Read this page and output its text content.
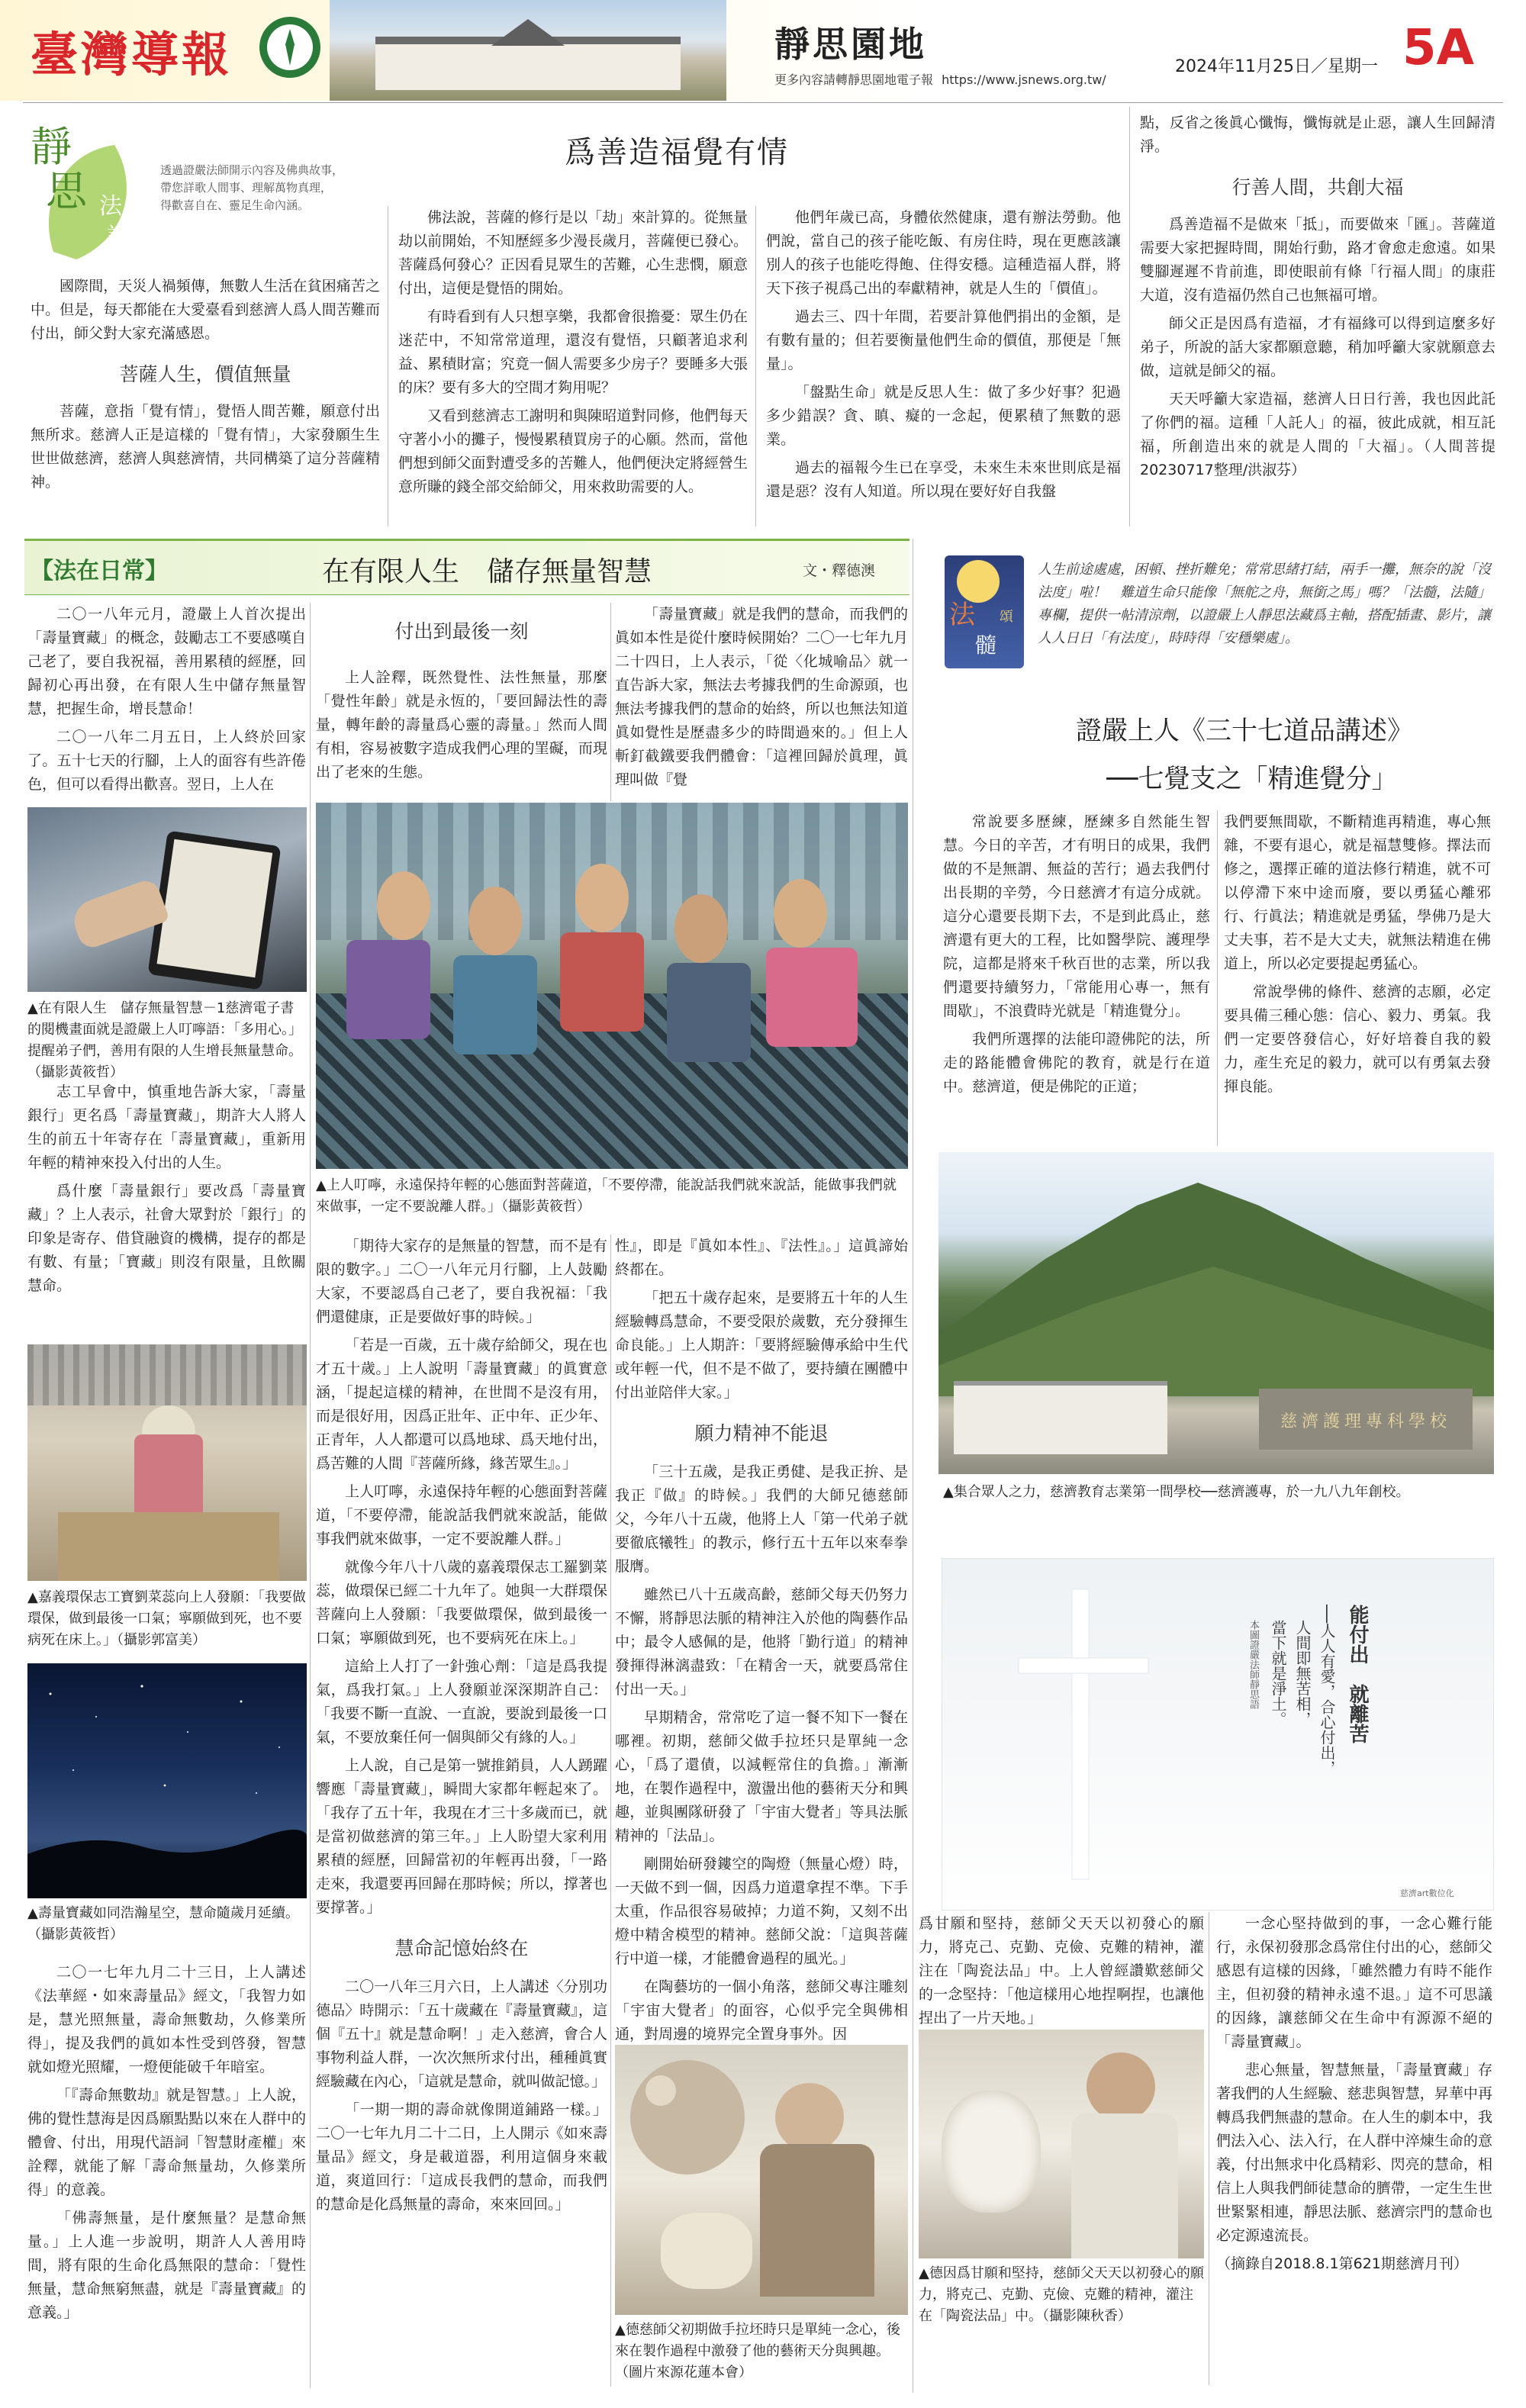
臺灣導報	靜思園地
更多內容請轉靜思園地電子報 https://www.jsnews.org.tw/
2024年11月25日／星期一 5A
靜
思 法
語
透過證嚴法師開示內容及佛典故事，
帶您詳歌人間事、理解萬物真理，
得歡喜自在、靈足生命內涵。
爲善造福覺有情

國際間，天災人禍頻傳，無數人生活在貧困痛苦之中。但是，每天都能在大愛臺看到慈濟人爲人間苦難而付出，師父對大家充滿感恩。

菩薩人生，價值無量

菩薩，意指「覺有情」，覺悟人間苦難，願意付出無所求。慈濟人正是這樣的「覺有情」，大家發願生生世世做慈濟，慈濟人與慈濟情，共同構築了這分菩薩精神。

佛法說，菩薩的修行是以「劫」來計算的。從無量劫以前開始，不知歷經多少漫長歲月，菩薩便已發心。菩薩爲何發心？正因看見眾生的苦難，心生悲憫，願意付出，這便是覺悟的開始。

有時看到有人只想享樂，我都會很擔憂：眾生仍在迷茫中，不知常常道理，還沒有覺悟，只顧著追求利益、累積財富；究竟一個人需要多少房子？要睡多大張的床？要有多大的空間才夠用呢？

又看到慈濟志工謝明和與陳昭道對同修，他們每天守著小小的攤子，慢慢累積買房子的心願。然而，當他們想到師父面對遭受多的苦難人，他們便決定將經營生意所賺的錢全部交給師父，用來救助需要的人。

他們年歲已高，身體依然健康，還有辦法勞動。他們說，當自己的孩子能吃飯、有房住時，現在更應該讓別人的孩子也能吃得飽、住得安穩。這種造福人群，將天下孩子視爲己出的奉獻精神，就是人生的「價值」。

過去三、四十年間，若要計算他們捐出的金額，是有數有量的；但若要衡量他們生命的價值，那便是「無量」。

「盤點生命」就是反思人生：做了多少好事？犯過多少錯誤？貪、瞋、癡的一念起，便累積了無數的惡業。

過去的福報今生已在享受，未來生未來世則底是福還是惡？沒有人知道。所以現在要好好自我盤

點，反省之後眞心懺悔，懺悔就是止惡，讓人生回歸清淨。

行善人間，共創大福

爲善造福不是做來「抵」，而要做來「匯」。菩薩道需要大家把握時間，開始行動，路才會愈走愈遠。如果雙腳遲遲不肯前進，即使眼前有條「行福人間」的康莊大道，沒有造福仍然自己也無福可增。

師父正是因爲有造福，才有福緣可以得到這麼多好弟子，所說的話大家都願意聽，稍加呼籲大家就願意去做，這就是師父的福。

天天呼籲大家造福，慈濟人日日行善，我也因此託了你們的福。這種「人託人」的福，彼此成就，相互託福，所創造出來的就是人間的「大福」。（人間菩提20230717整理/洪淑芬）

【法在日常】	在有限人生　儲存無量智慧	文・釋德澳

二〇一八年元月，證嚴上人首次提出「壽量寶藏」的概念，鼓勵志工不要感嘆自己老了，要自我祝福，善用累積的經歷，回歸初心再出發，在有限人生中儲存無量智慧，把握生命，增長慧命！

二〇一八年二月五日，上人終於回家了。五十七天的行腳，上人的面容有些許倦色，但可以看得出歡喜。翌日，上人在

▲在有限人生　儲存無量智慧－1慈濟電子書的閱機畫面就是證嚴上人叮嚀語：「多用心。」提醒弟子們，善用有限的人生增長無量慧命。（攝影黃筱哲）

志工早會中，慎重地告訴大家，「壽量銀行」更名爲「壽量寶藏」，期許大人將人生的前五十年寄存在「壽量寶藏」，重新用年輕的精神來投入付出的人生。

爲什麼「壽量銀行」要改爲「壽量寶藏」？上人表示，社會大眾對於「銀行」的印象是寄存、借貸融資的機構，提存的都是有數、有量；「寶藏」則沒有限量，且飲關慧命。

▲嘉義環保志工寶劉菜蕊向上人發願：「我要做環保，做到最後一口氣；寧願做到死，也不要病死在床上。」（攝影郭富美）
▲壽量寶藏如同浩瀚星空，慧命隨歲月延續。（攝影黃筱哲）

二〇一七年九月二十三日，上人講述《法華經・如來壽量品》經文，「我智力如是，慧光照無量，壽命無數劫，久修業所得」，提及我們的眞如本性受到啓發，智慧就如燈光照耀，一燈便能破千年暗室。

「『壽命無數劫』就是智慧。」上人說，佛的覺性慧海是因爲願點點以來在人群中的體會、付出，用現代語詞「智慧財產權」來詮釋，就能了解「壽命無量劫，久修業所得」的意義。

「佛壽無量，是什麼無量？是慧命無量。」上人進一步說明，期許人人善用時間，將有限的生命化爲無限的慧命：「覺性無量，慧命無窮無盡，就是『壽量寶藏』的意義。」

付出到最後一刻

上人詮釋，既然覺性、法性無量，那麼「覺性年齡」就是永恆的，「要回歸法性的壽量，轉年齡的壽量爲心靈的壽量。」然而人間有相，容易被數字造成我們心理的罣礙，而現出了老來的生態。

「壽量寶藏」就是我們的慧命，而我們的眞如本性是從什麼時候開始？二〇一七年九月二十四日，上人表示，「從〈化城喻品〉就一直告訴大家，無法去考據我們的生命源頭，也無法考據我們的慧命的始終，所以也無法知道眞如覺性是歷盡多少的時間過來的。」但上人斬釘截鐵要我們體會：「這裡回歸於眞理，眞理叫做『覺

▲上人叮嚀，永遠保持年輕的心態面對菩薩道，「不要停滯，能說話我們就來說話，能做事我們就來做事，一定不要說離人群。」（攝影黃筱哲）

「期待大家存的是無量的智慧，而不是有限的數字。」二〇一八年元月行腳，上人鼓勵大家，不要認爲自己老了，要自我祝福：「我們還健康，正是要做好事的時候。」

「若是一百歲，五十歲存給師父，現在也才五十歲。」上人說明「壽量寶藏」的眞實意涵，「提起這樣的精神，在世間不是沒有用，而是很好用，因爲正壯年、正中年、正少年、正青年，人人都還可以爲地球、爲天地付出，爲苦難的人間『菩薩所緣，緣苦眾生』。」

上人叮嚀，永遠保持年輕的心態面對菩薩道，「不要停滯，能說話我們就來說話，能做事我們就來做事，一定不要說離人群。」

就像今年八十八歲的嘉義環保志工羅劉菜蕊，做環保已經二十九年了。她與一大群環保菩薩向上人發願：「我要做環保，做到最後一口氣；寧願做到死，也不要病死在床上。」

這給上人打了一針強心劑：「這是爲我提氣，爲我打氣。」上人發願並深深期許自己：「我要不斷一直說、一直說，要說到最後一口氣，不要放棄任何一個與師父有緣的人。」

上人說，自己是第一號推銷員，人人踴躍響應「壽量寶藏」，瞬間大家都年輕起來了。「我存了五十年，我現在才三十多歲而已，就是當初做慈濟的第三年。」上人盼望大家利用累積的經歷，回歸當初的年輕再出發，「一路走來，我還要再回歸在那時候；所以，撑著也要撑著。」

慧命記憶始終在

二〇一八年三月六日，上人講述〈分別功德品〉時開示：「五十歲藏在『壽量寶藏』，這個『五十』就是慧命啊！」走入慈濟，會合人事物利益人群，一次次無所求付出，種種眞實經驗藏在內心，「這就是慧命，就叫做記憶。」

「一期一期的壽命就像開道鋪路一樣。」二〇一七年九月二十二日，上人開示《如來壽量品》經文，身是載道器，利用這個身來載道，爽道回行：「這成長我們的慧命，而我們的慧命是化爲無量的壽命，來來回回。」

性』，即是『眞如本性』、『法性』。」這眞諦始終都在。

「把五十歲存起來，是要將五十年的人生經驗轉爲慧命，不要受限於歲數，充分發揮生命良能。」上人期許：「要將經驗傳承給中生代或年輕一代，但不是不做了，要持續在團體中付出並陪伴大家。」

願力精神不能退

「三十五歲，是我正勇健、是我正拚、是我正『做』的時候。」我們的大師兄德慈師父，今年八十五歲，他將上人「第一代弟子就要徹底犧牲」的教示，修行五十五年以來奉拳服膺。

雖然已八十五歲高齡，慈師父每天仍努力不懈，將靜思法脈的精神注入於他的陶藝作品中；最令人感佩的是，他將「勤行道」的精神發揮得淋漓盡致：「在精舍一天，就要爲常住付出一天。」

早期精舍，常常吃了這一餐不知下一餐在哪裡。初期，慈師父做手拉坯只是單純一念心，「爲了還債，以減輕常住的負擔。」漸漸地，在製作過程中，激盪出他的藝術天分和興趣，並與團隊研發了「宇宙大覺者」等具法脈精神的「法品」。

剛開始研發鏤空的陶燈（無量心燈）時，一天做不到一個，因爲力道還拿捏不準。下手太重，作品很容易破掉；力道不夠，又刻不出燈中精舍模型的精神。慈師父說：「這與菩薩行中道一樣，才能體會過程的風光。」

在陶藝坊的一個小角落，慈師父專注雕刻「宇宙大覺者」的面容，心似乎完全與佛相通，對周邊的境界完全置身事外。因

▲德慈師父初期做手拉坯時只是單純一念心，後來在製作過程中激發了他的藝術天分與興趣。（圖片來源花蓮本會）
法
髓
頌
人生前途處處，困頓、挫折難免；常常思緒打結，兩手一攤，無奈的說「沒法度」啦！　難道生命只能像「無舵之舟，無銜之馬」嗎？「法髓，法隨」專欄，提供一帖清涼劑，以證嚴上人靜思法藏爲主軸，搭配插畫、影片，讓人人日日「有法度」，時時得「安穩樂處」。
證嚴上人《三十七道品講述》
──七覺支之「精進覺分」

常說要多歷練，歷練多自然能生智慧。今日的辛苦，才有明日的成果，我們做的不是無謂、無益的苦行；過去我們付出長期的辛勞，今日慈濟才有這分成就。這分心還要長期下去，不是到此爲止，慈濟還有更大的工程，比如醫學院、護理學院，這都是將來千秋百世的志業，所以我們還要持續努力，「常能用心專一，無有間歇」，不浪費時光就是「精進覺分」。

我們所選擇的法能印證佛陀的法，所走的路能體會佛陀的教育，就是行在道中。慈濟道，便是佛陀的正道；

我們要無間歇，不斷精進再精進，專心無雜，不要有退心，就是福慧雙修。擇法而修之，選擇正確的道法修行精進，就不可以停滯下來中途而廢，要以勇猛心離邪行、行眞法；精進就是勇猛，學佛乃是大丈夫事，若不是大丈夫，就無法精進在佛道上，所以必定要提起勇猛心。

常說學佛的條件、慈濟的志願，必定要具備三種心態：信心、毅力、勇氣。我們一定要啓發信心，好好培養自我的毅力，產生充足的毅力，就可以有勇氣去發揮良能。

慈濟護理專科學校
▲集合眾人之力，慈濟教育志業第一間學校──慈濟護專，於一九八九年創校。
能付出　就離苦
──人人有愛，合心付出，
人間即無苦相，
當下就是淨土。
本圖證嚴法師靜思語
慈濟art數位化

爲甘願和堅持，慈師父天天以初發心的願力，將克己、克勤、克儉、克難的精神，灌注在「陶瓷法品」中。上人曾經讚歎慈師父的一念堅持：「他這樣用心地捏啊捏，也讓他捏出了一片天地。」

▲德因爲甘願和堅持，慈師父天天以初發心的願力，將克己、克勤、克儉、克難的精神，灌注在「陶瓷法品」中。（攝影陳秋香）

一念心堅持做到的事，一念心難行能行，永保初發那念爲常住付出的心，慈師父感恩有這樣的因緣，「雖然體力有時不能作主，但初發的精神永遠不退。」這不可思議的因緣，讓慈師父在生命中有源源不絕的「壽量寶藏」。

悲心無量，智慧無量，「壽量寶藏」存著我們的人生經驗、慈悲與智慧，昇華中再轉爲我們無盡的慧命。在人生的劇本中，我們法入心、法入行，在人群中淬煉生命的意義，付出無求中化爲精彩、閃亮的慧命，相信上人與我們師徒慧命的臍帶，一定生生世世緊緊相連，靜思法脈、慈濟宗門的慧命也必定源遠流長。

（摘錄自2018.8.1第621期慈濟月刊）
